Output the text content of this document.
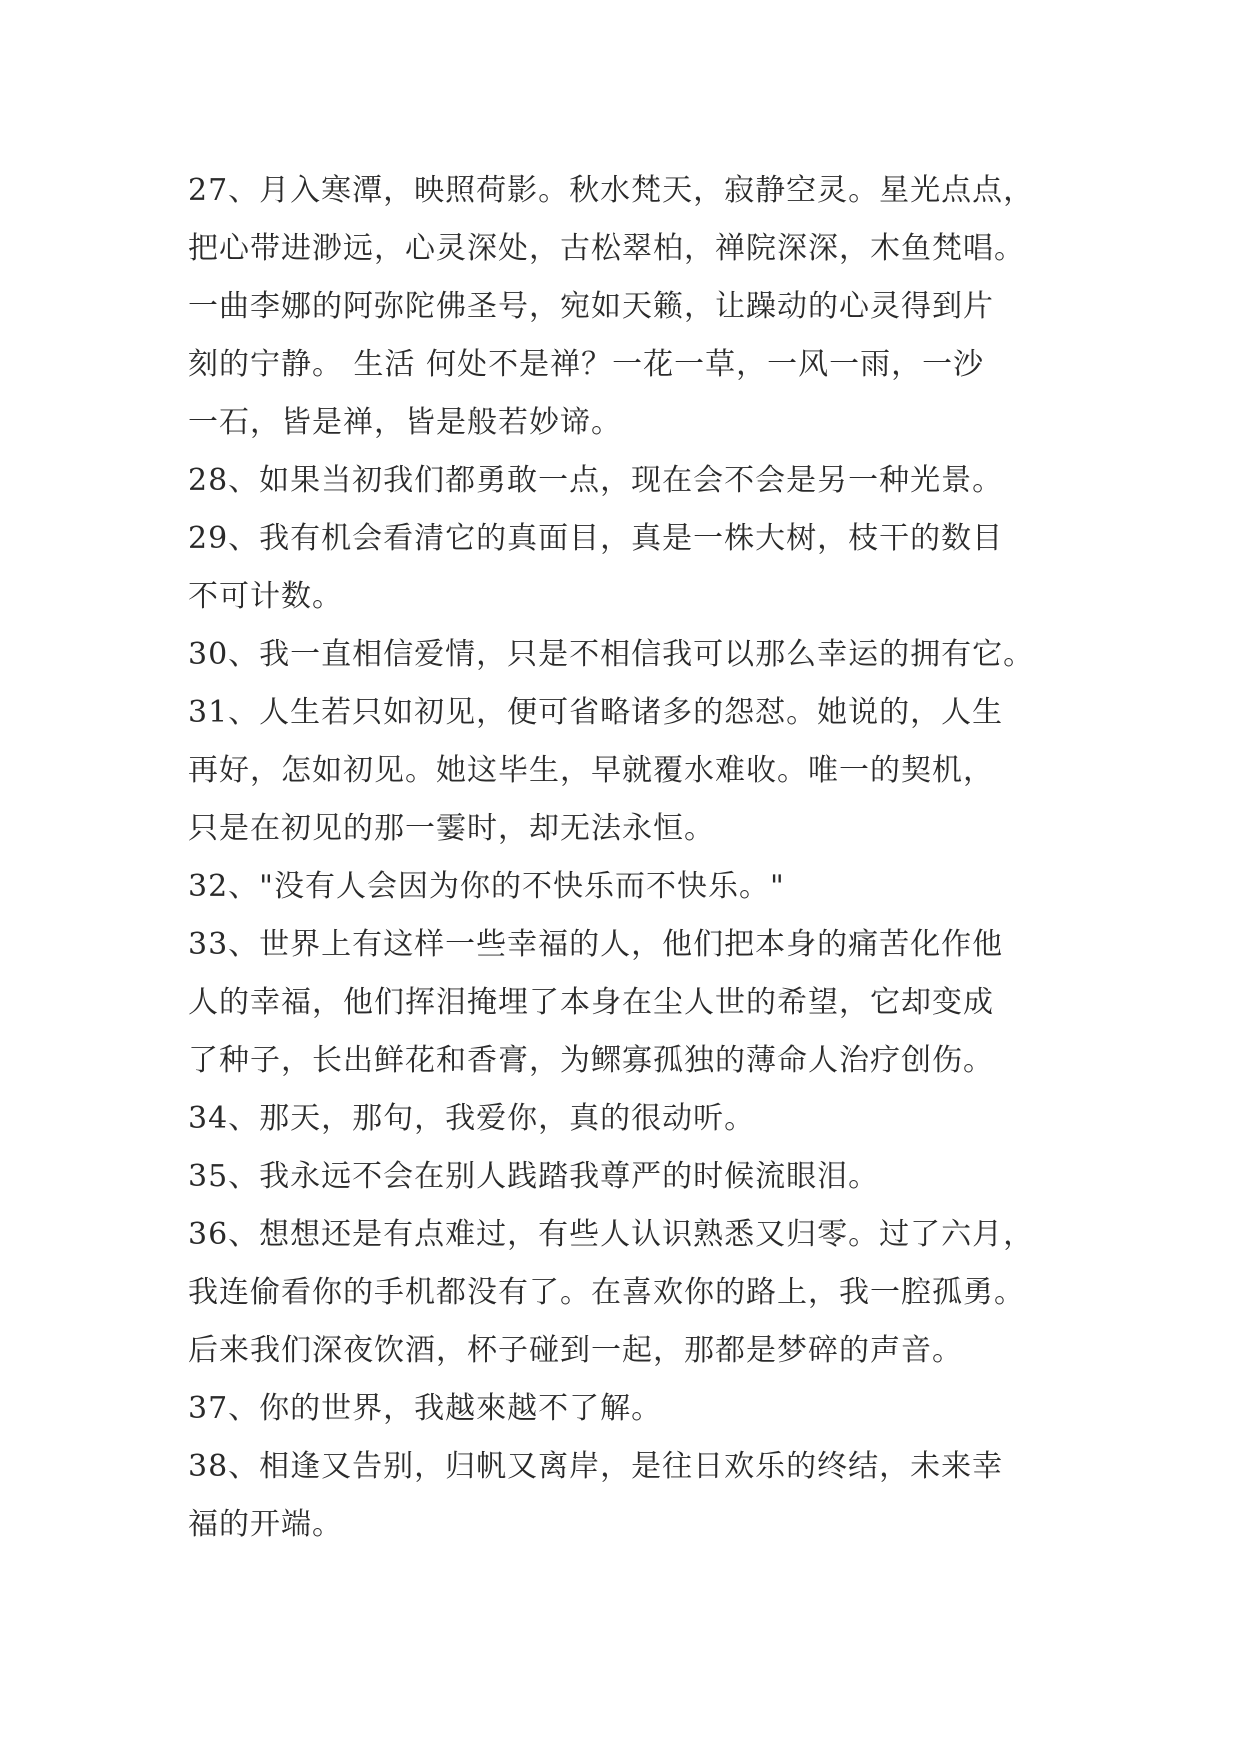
27、月入寒潭，映照荷影。秋水梵天，寂静空灵。星光点点，
把心带进渺远，心灵深处，古松翠柏，禅院深深，木鱼梵唱。
一曲李娜的阿弥陀佛圣号，宛如天籁，让躁动的心灵得到片
刻的宁静。 生活 何处不是禅？一花一草，一风一雨，一沙
一石，皆是禅，皆是般若妙谛。
28、如果当初我们都勇敢一点，现在会不会是另一种光景。
29、我有机会看清它的真面目，真是一株大树，枝干的数目
不可计数。
30、我一直相信爱情，只是不相信我可以那么幸运的拥有它。
31、人生若只如初见，便可省略诸多的怨怼。她说的，人生
再好，怎如初见。她这毕生，早就覆水难收。唯一的契机，
只是在初见的那一霎时，却无法永恒。
32、"没有人会因为你的不快乐而不快乐。"
33、世界上有这样一些幸福的人，他们把本身的痛苦化作他
人的幸福，他们挥泪掩埋了本身在尘人世的希望，它却变成
了种子，长出鲜花和香膏，为鳏寡孤独的薄命人治疗创伤。
34、那天，那句，我爱你，真的很动听。
35、我永远不会在别人践踏我尊严的时候流眼泪。
36、想想还是有点难过，有些人认识熟悉又归零。过了六月，
我连偷看你的手机都没有了。在喜欢你的路上，我一腔孤勇。
后来我们深夜饮酒，杯子碰到一起，那都是梦碎的声音。
37、你的世界，我越來越不了解。
38、相逢又告别，归帆又离岸，是往日欢乐的终结，未来幸
福的开端。
